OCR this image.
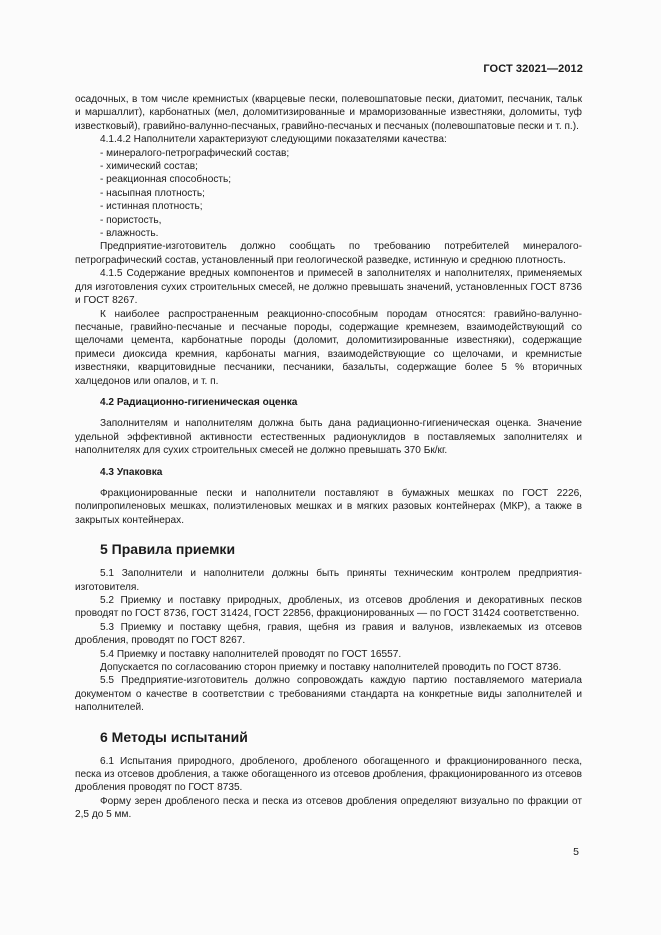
ГОСТ 32021—2012

осадочных, в том числе кремнистых (кварцевые пески, полевошпатовые пески, диатомит, песчаник, тальк и маршаллит), карбонатных (мел, доломитизированные и мраморизованные известняки, доломиты, туф известковый), гравийно-валунно-песчаных, гравийно-песчаных и песчаных (полевошпатовые пески и т. п.).

4.1.4.2 Наполнители характеризуют следующими показателями качества:

- минералого-петрографический состав;

- химический состав;

- реакционная способность;

- насыпная плотность;

- истинная плотность;

- пористость,

- влажность.

Предприятие-изготовитель должно сообщать по требованию потребителей минералого-петрографический состав, установленный при геологической разведке, истинную и среднюю плотность.

4.1.5 Содержание вредных компонентов и примесей в заполнителях и наполнителях, применяемых для изготовления сухих строительных смесей, не должно превышать значений, установленных ГОСТ 8736 и ГОСТ 8267.

К наиболее распространенным реакционно-способным породам относятся: гравийно-валунно-песчаные, гравийно-песчаные и песчаные породы, содержащие кремнезем, взаимодействующий со щелочами цемента, карбонатные породы (доломит, доломитизированные известняки), содержащие примеси диоксида кремния, карбонаты магния, взаимодействующие со щелочами, и кремнистые известняки, кварцитовидные песчаники, песчаники, базальты, содержащие более 5 % вторичных халцедонов или опалов, и т. п.

4.2 Радиационно-гигиеническая оценка

Заполнителям и наполнителям должна быть дана радиационно-гигиеническая оценка. Значение удельной эффективной активности естественных радионуклидов в поставляемых заполнителях и наполнителях для сухих строительных смесей не должно превышать 370 Бк/кг.

4.3 Упаковка

Фракционированные пески и наполнители поставляют в бумажных мешках по ГОСТ 2226, полипропиленовых мешках, полиэтиленовых мешках и в мягких разовых контейнерах (МКР), а также в закрытых контейнерах.

5 Правила приемки

5.1 Заполнители и наполнители должны быть приняты техническим контролем предприятия-изготовителя.

5.2 Приемку и поставку природных, дробленых, из отсевов дробления и декоративных песков проводят по ГОСТ 8736, ГОСТ 31424, ГОСТ 22856, фракционированных — по ГОСТ 31424 соответственно.

5.3 Приемку и поставку щебня, гравия, щебня из гравия и валунов, извлекаемых из отсевов дробления, проводят по ГОСТ 8267.

5.4 Приемку и поставку наполнителей проводят по ГОСТ 16557.

Допускается по согласованию сторон приемку и поставку наполнителей проводить по ГОСТ 8736.

5.5 Предприятие-изготовитель должно сопровождать каждую партию поставляемого материала документом о качестве в соответствии с требованиями стандарта на конкретные виды заполнителей и наполнителей.

6 Методы испытаний

6.1 Испытания природного, дробленого, дробленого обогащенного и фракционированного песка, песка из отсевов дробления, а также обогащенного из отсевов дробления, фракционированного из отсевов дробления проводят по ГОСТ 8735.

Форму зерен дробленого песка и песка из отсевов дробления определяют визуально по фракции от 2,5 до 5 мм.

5
